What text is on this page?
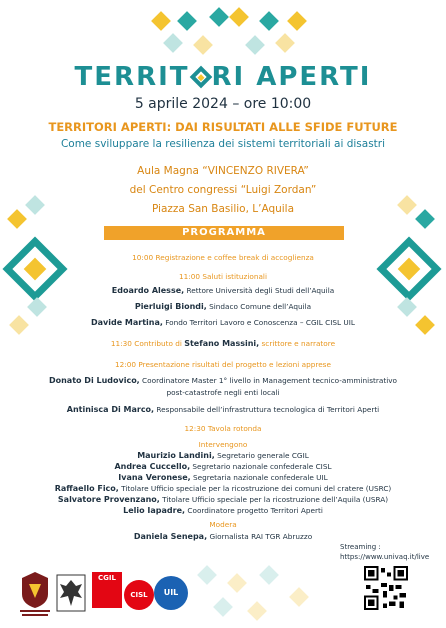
TERRIT RI APERTI
5 aprile 2024 – ore 10:00
TERRITORI APERTI: DAI RISULTATI ALLE SFIDE FUTURE
Come sviluppare la resilienza dei sistemi territoriali ai disastri
Aula Magna “VINCENZO RIVERA”
del Centro congressi “Luigi Zordan”
Piazza San Basilio, L’Aquila
PROGRAMMA
10:00 Registrazione e coffee break di accoglienza
11:00 Saluti istituzionali
Edoardo Alesse, Rettore Università degli Studi dell’Aquila
Pierluigi Biondi, Sindaco Comune dell’Aquila
Davide Martina, Fondo Territori Lavoro e Conoscenza – CGIL CISL UIL
11:30 Contributo di Stefano Massini, scrittore e narratore
12:00 Presentazione risultati del progetto e lezioni apprese
Donato Di Ludovico, Coordinatore Master 1° livello in Management tecnico-amministrativo
post-catastrofe negli enti locali
Antinisca Di Marco, Responsabile dell’infrastruttura tecnologica di Territori Aperti
12:30 Tavola rotonda
Intervengono
Maurizio Landini, Segretario generale CGIL
Andrea Cuccello, Segretario nazionale confederale CISL
Ivana Veronese, Segretaria nazionale confederale UIL
Raffaello Fico, Titolare Ufficio speciale per la ricostruzione dei comuni del cratere (USRC)
Salvatore Provenzano, Titolare Ufficio speciale per la ricostruzione dell’Aquila (USRA)
Lelio Iapadre, Coordinatore progetto Territori Aperti
Modera
Daniela Senepa, Giornalista RAI TGR Abruzzo
Streaming :
https://www.univaq.it/live
CGIL
CISL	UIL
